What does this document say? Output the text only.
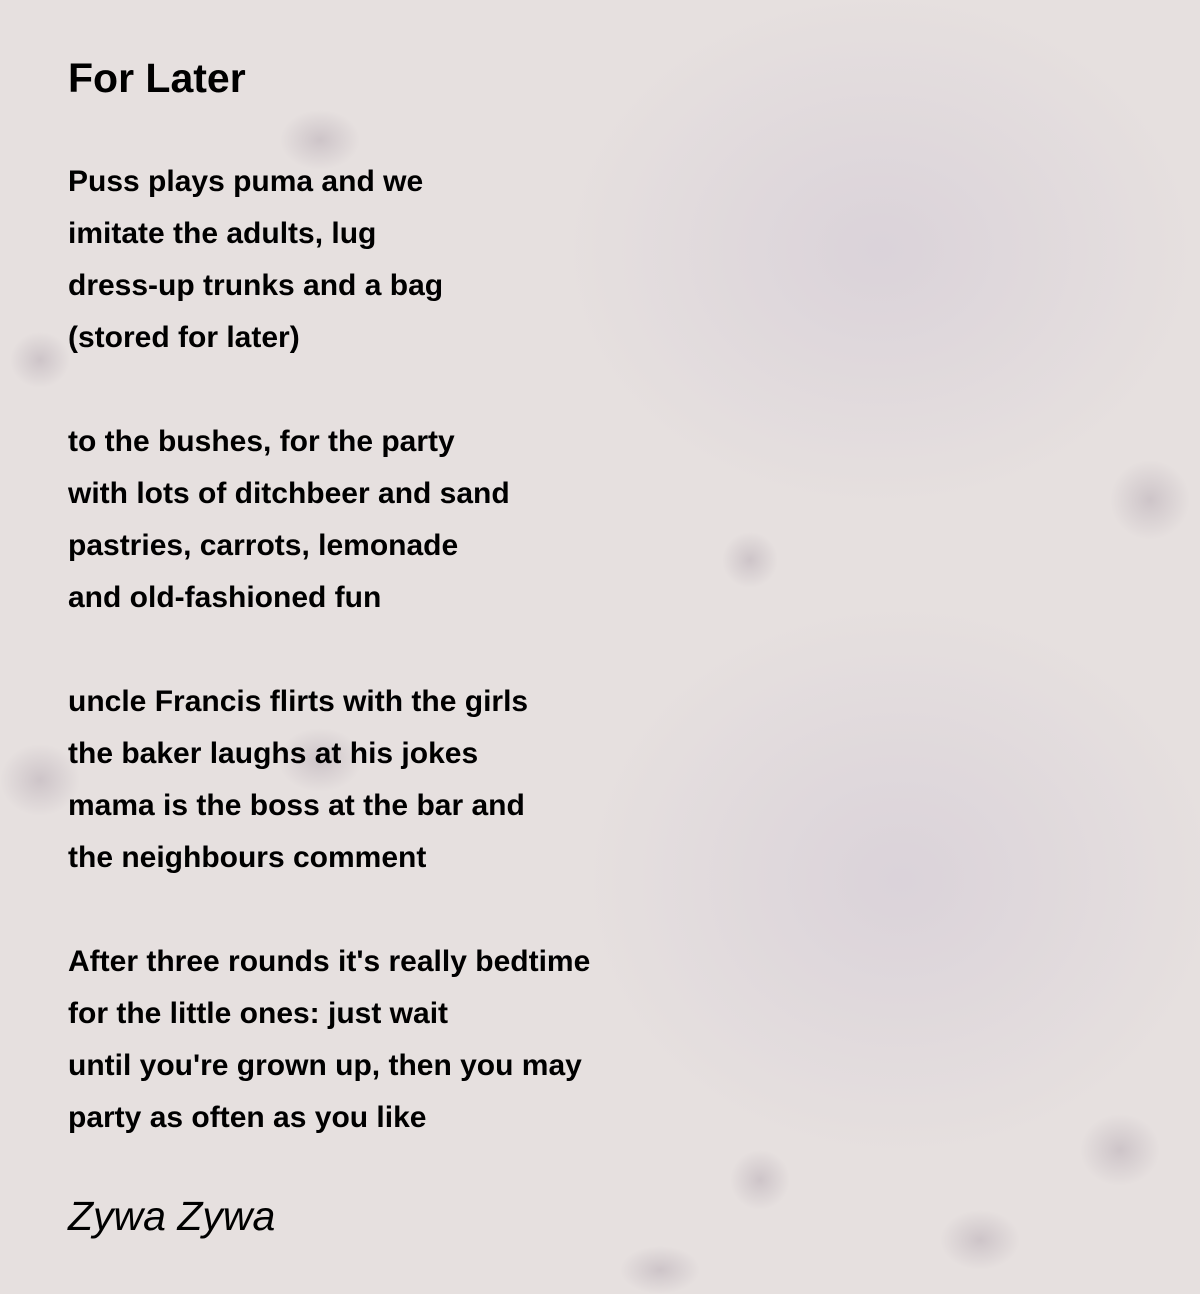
For Later
Puss plays puma and we
imitate the adults, lug
dress-up trunks and a bag
(stored for later)
to the bushes, for the party
with lots of ditchbeer and sand
pastries, carrots, lemonade
and old-fashioned fun
uncle Francis flirts with the girls
the baker laughs at his jokes
mama is the boss at the bar and
the neighbours comment
After three rounds it's really bedtime
for the little ones: just wait
until you're grown up, then you may
party as often as you like
Zywa Zywa
